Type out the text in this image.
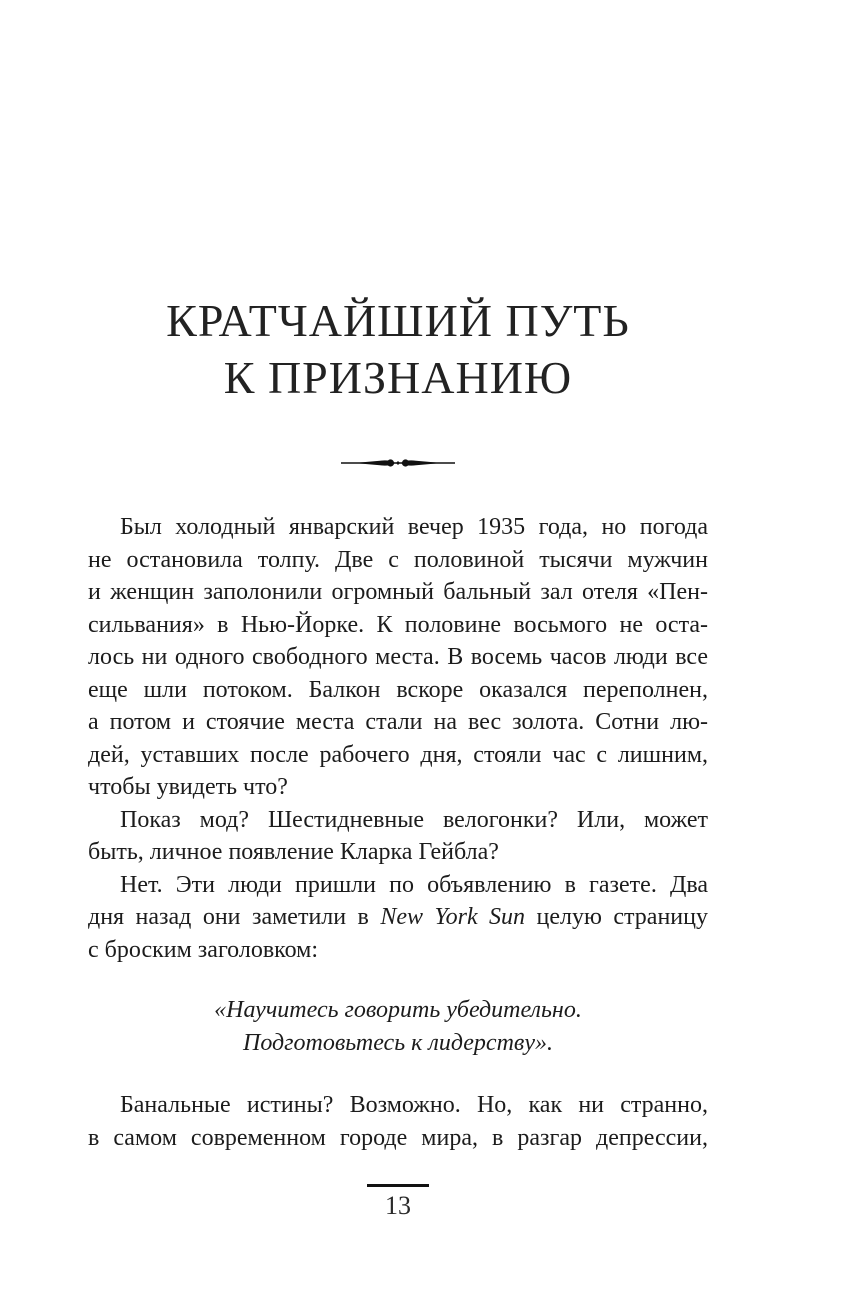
КРАТЧАЙШИЙ ПУТЬ
К ПРИЗНАНИЮ
Был холодный январский вечер 1935 года, но погода
не остановила толпу. Две с половиной тысячи мужчин
и женщин заполонили огромный бальный зал отеля «Пен-
сильвания» в Нью-Йорке. К половине восьмого не оста-
лось ни одного свободного места. В восемь часов люди все
еще шли потоком. Балкон вскоре оказался переполнен,
а потом и стоячие места стали на вес золота. Сотни лю-
дей, уставших после рабочего дня, стояли час с лишним,
чтобы увидеть что?
Показ мод? Шестидневные велогонки? Или, может
быть, личное появление Кларка Гейбла?
Нет. Эти люди пришли по объявлению в газете. Два
дня назад они заметили в New York Sun целую страницу
с броским заголовком:
«Научитесь говорить убедительно.
Подготовьтесь к лидерству».
Банальные истины? Возможно. Но, как ни странно,
в самом современном городе мира, в разгар депрессии,
13
